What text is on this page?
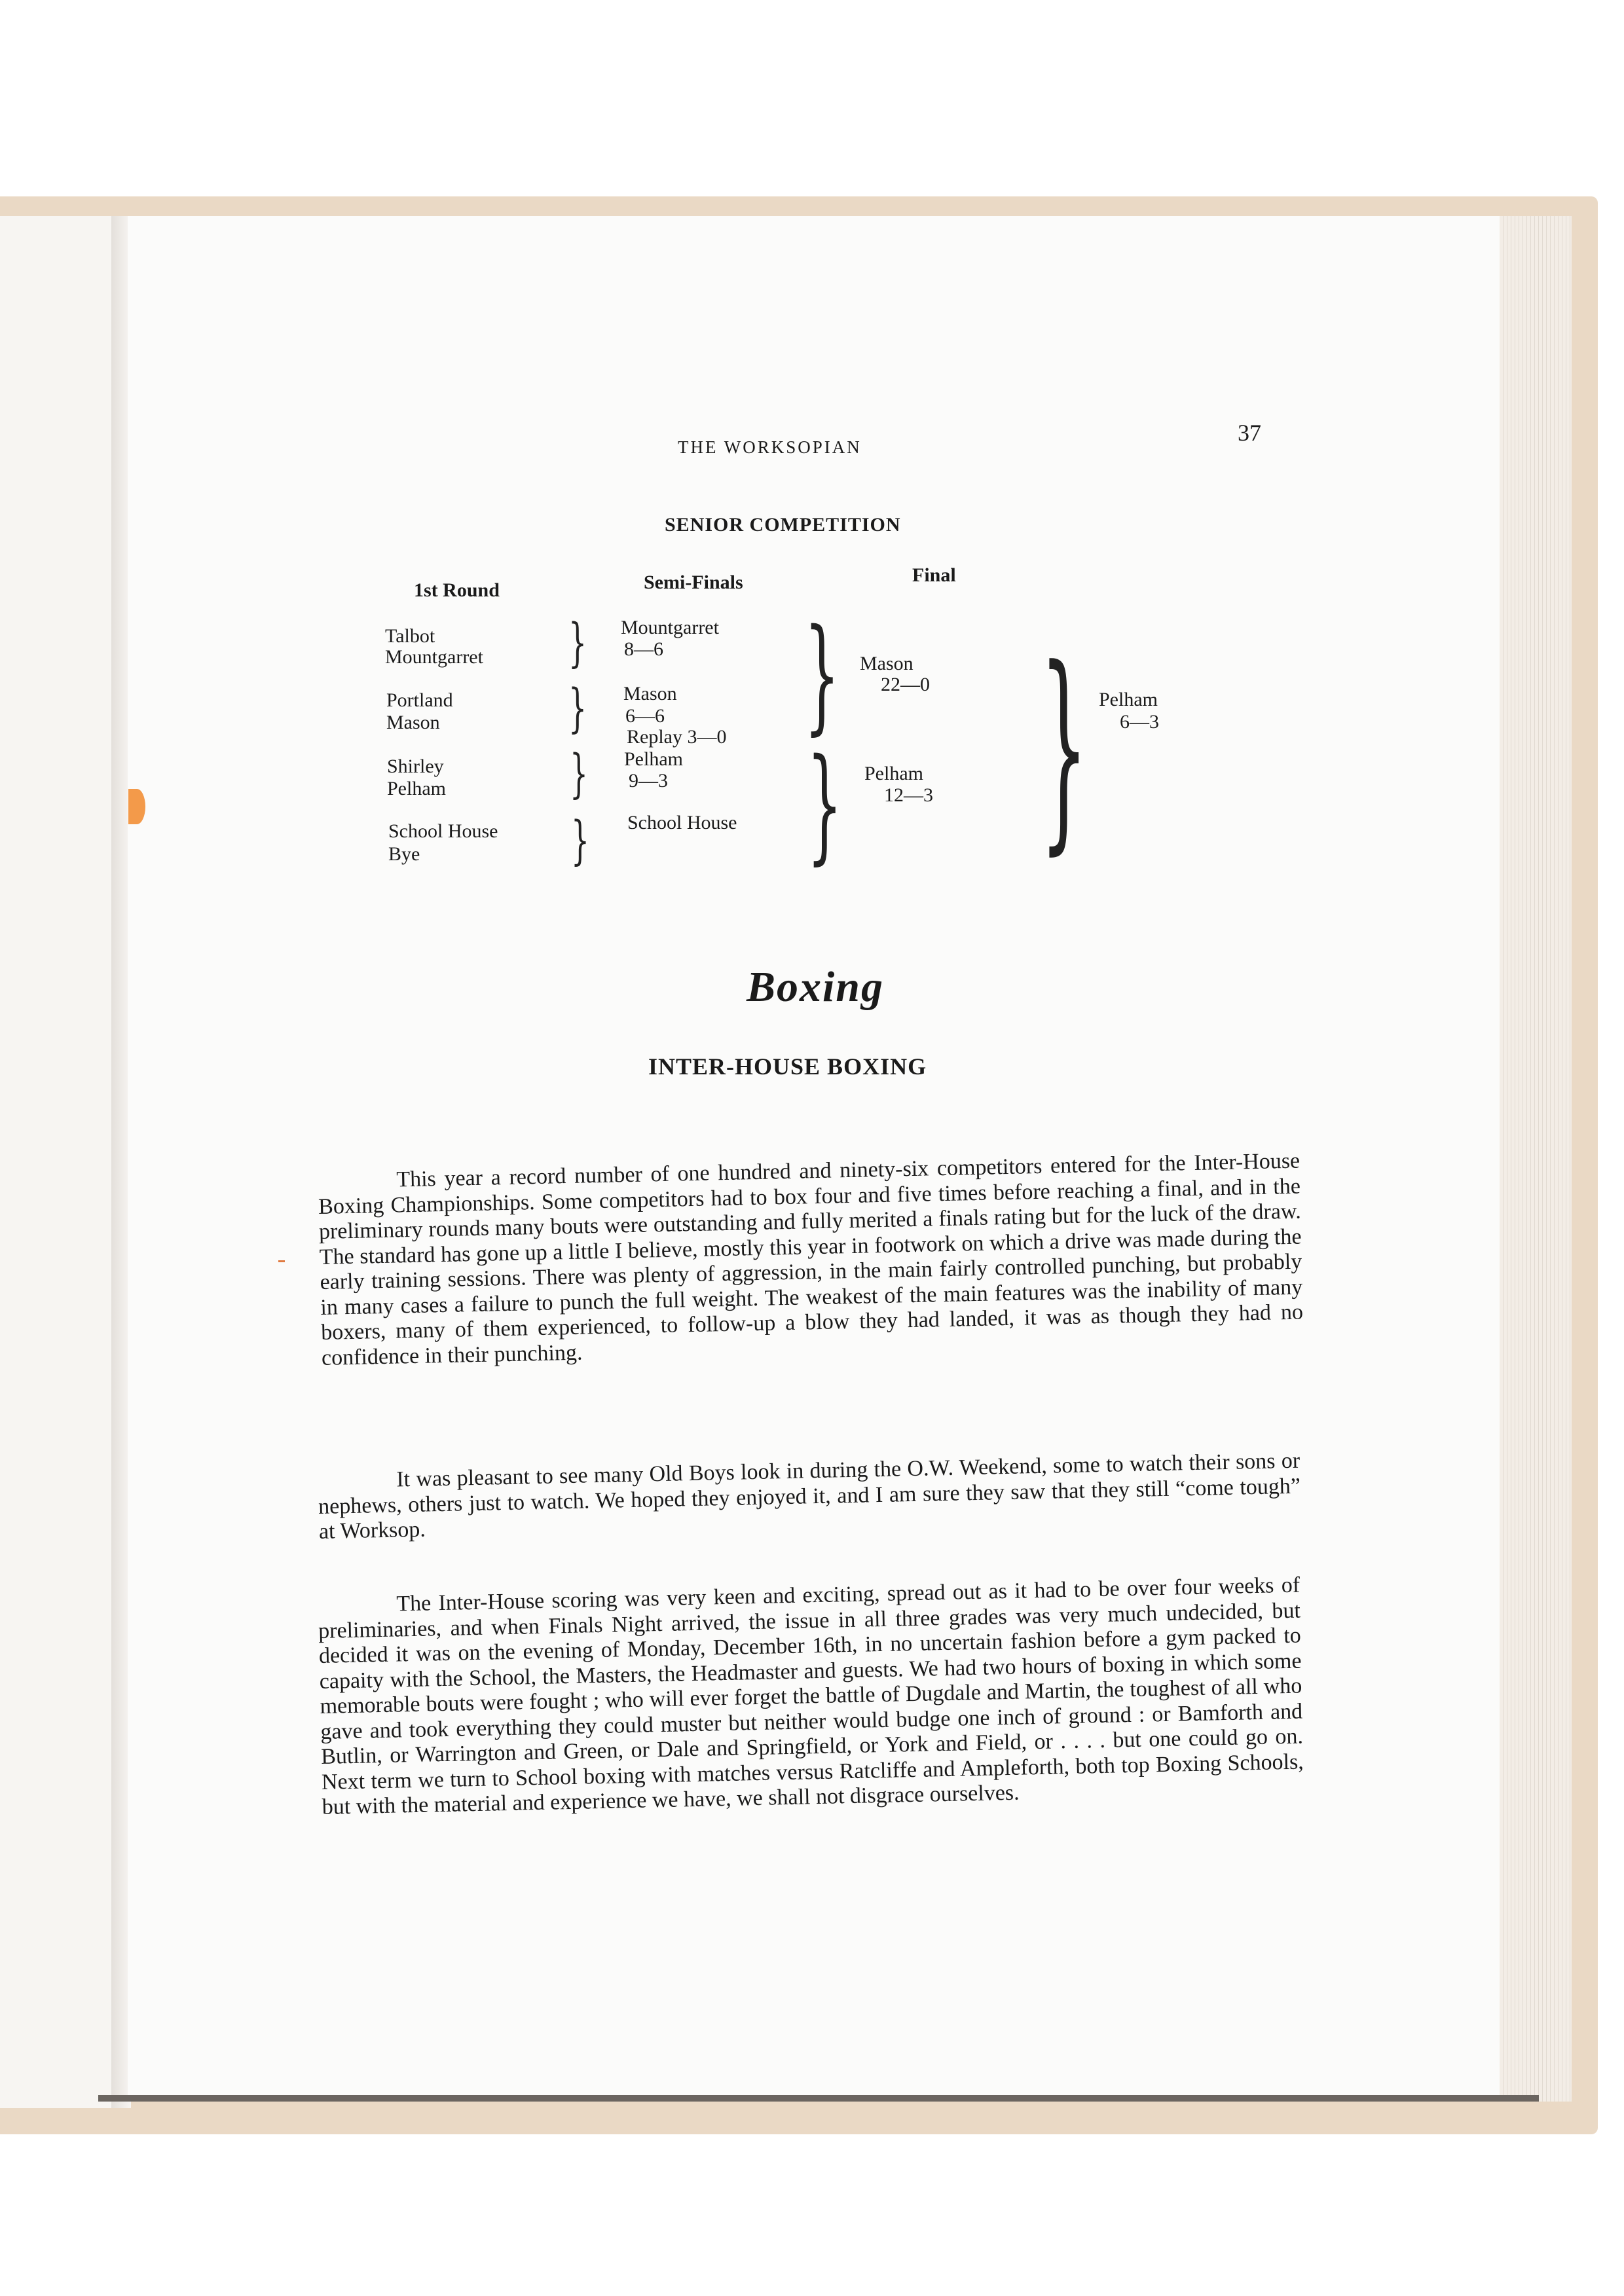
THE WORKSOPIAN
37
SENIOR COMPETITION
1st Round	Semi-Finals	Final
Talbot
Mountgarret
Portland
Mason
Shirley
Pelham
School House
Bye
}
}
}
}
Mountgarret
8—6
Mason
6—6
Replay 3—0
Pelham
9—3
School House
}
}
Mason
22—0
Pelham
12—3 } Pelham
6—3
Boxing
INTER-HOUSE BOXING

This year a record number of one hundred and ninety-six competitors entered for the Inter-House Boxing Championships. Some competitors had to box four and five times before reaching a final, and in the preliminary rounds many bouts were outstanding and fully merited a finals rating but for the luck of the draw. The standard has gone up a little I believe, mostly this year in footwork on which a drive was made during the early training sessions. There was plenty of aggression, in the main fairly controlled punching, but probably in many cases a failure to punch the full weight. The weakest of the main features was the inability of many boxers, many of them experienced, to follow-up a blow they had landed, it was as though they had no confidence in their punching.

It was pleasant to see many Old Boys look in during the O.W. Weekend, some to watch their sons or nephews, others just to watch. We hoped they enjoyed it, and I am sure they saw that they still “come tough” at Worksop.

The Inter-House scoring was very keen and exciting, spread out as it had to be over four weeks of preliminaries, and when Finals Night arrived, the issue in all three grades was very much undecided, but decided it was on the evening of Monday, December 16th, in no uncertain fashion before a gym packed to capaity with the School, the Masters, the Headmaster and guests. We had two hours of boxing in which some memorable bouts were fought ; who will ever forget the battle of Dugdale and Martin, the toughest of all who gave and took everything they could muster but neither would budge one inch of ground : or Bamforth and Butlin, or Warrington and Green, or Dale and Springfield, or York and Field, or . . . . but one could go on. Next term we turn to School boxing with matches versus Ratcliffe and Ampleforth, both top Boxing Schools, but with the material and experience we have, we shall not disgrace ourselves.
